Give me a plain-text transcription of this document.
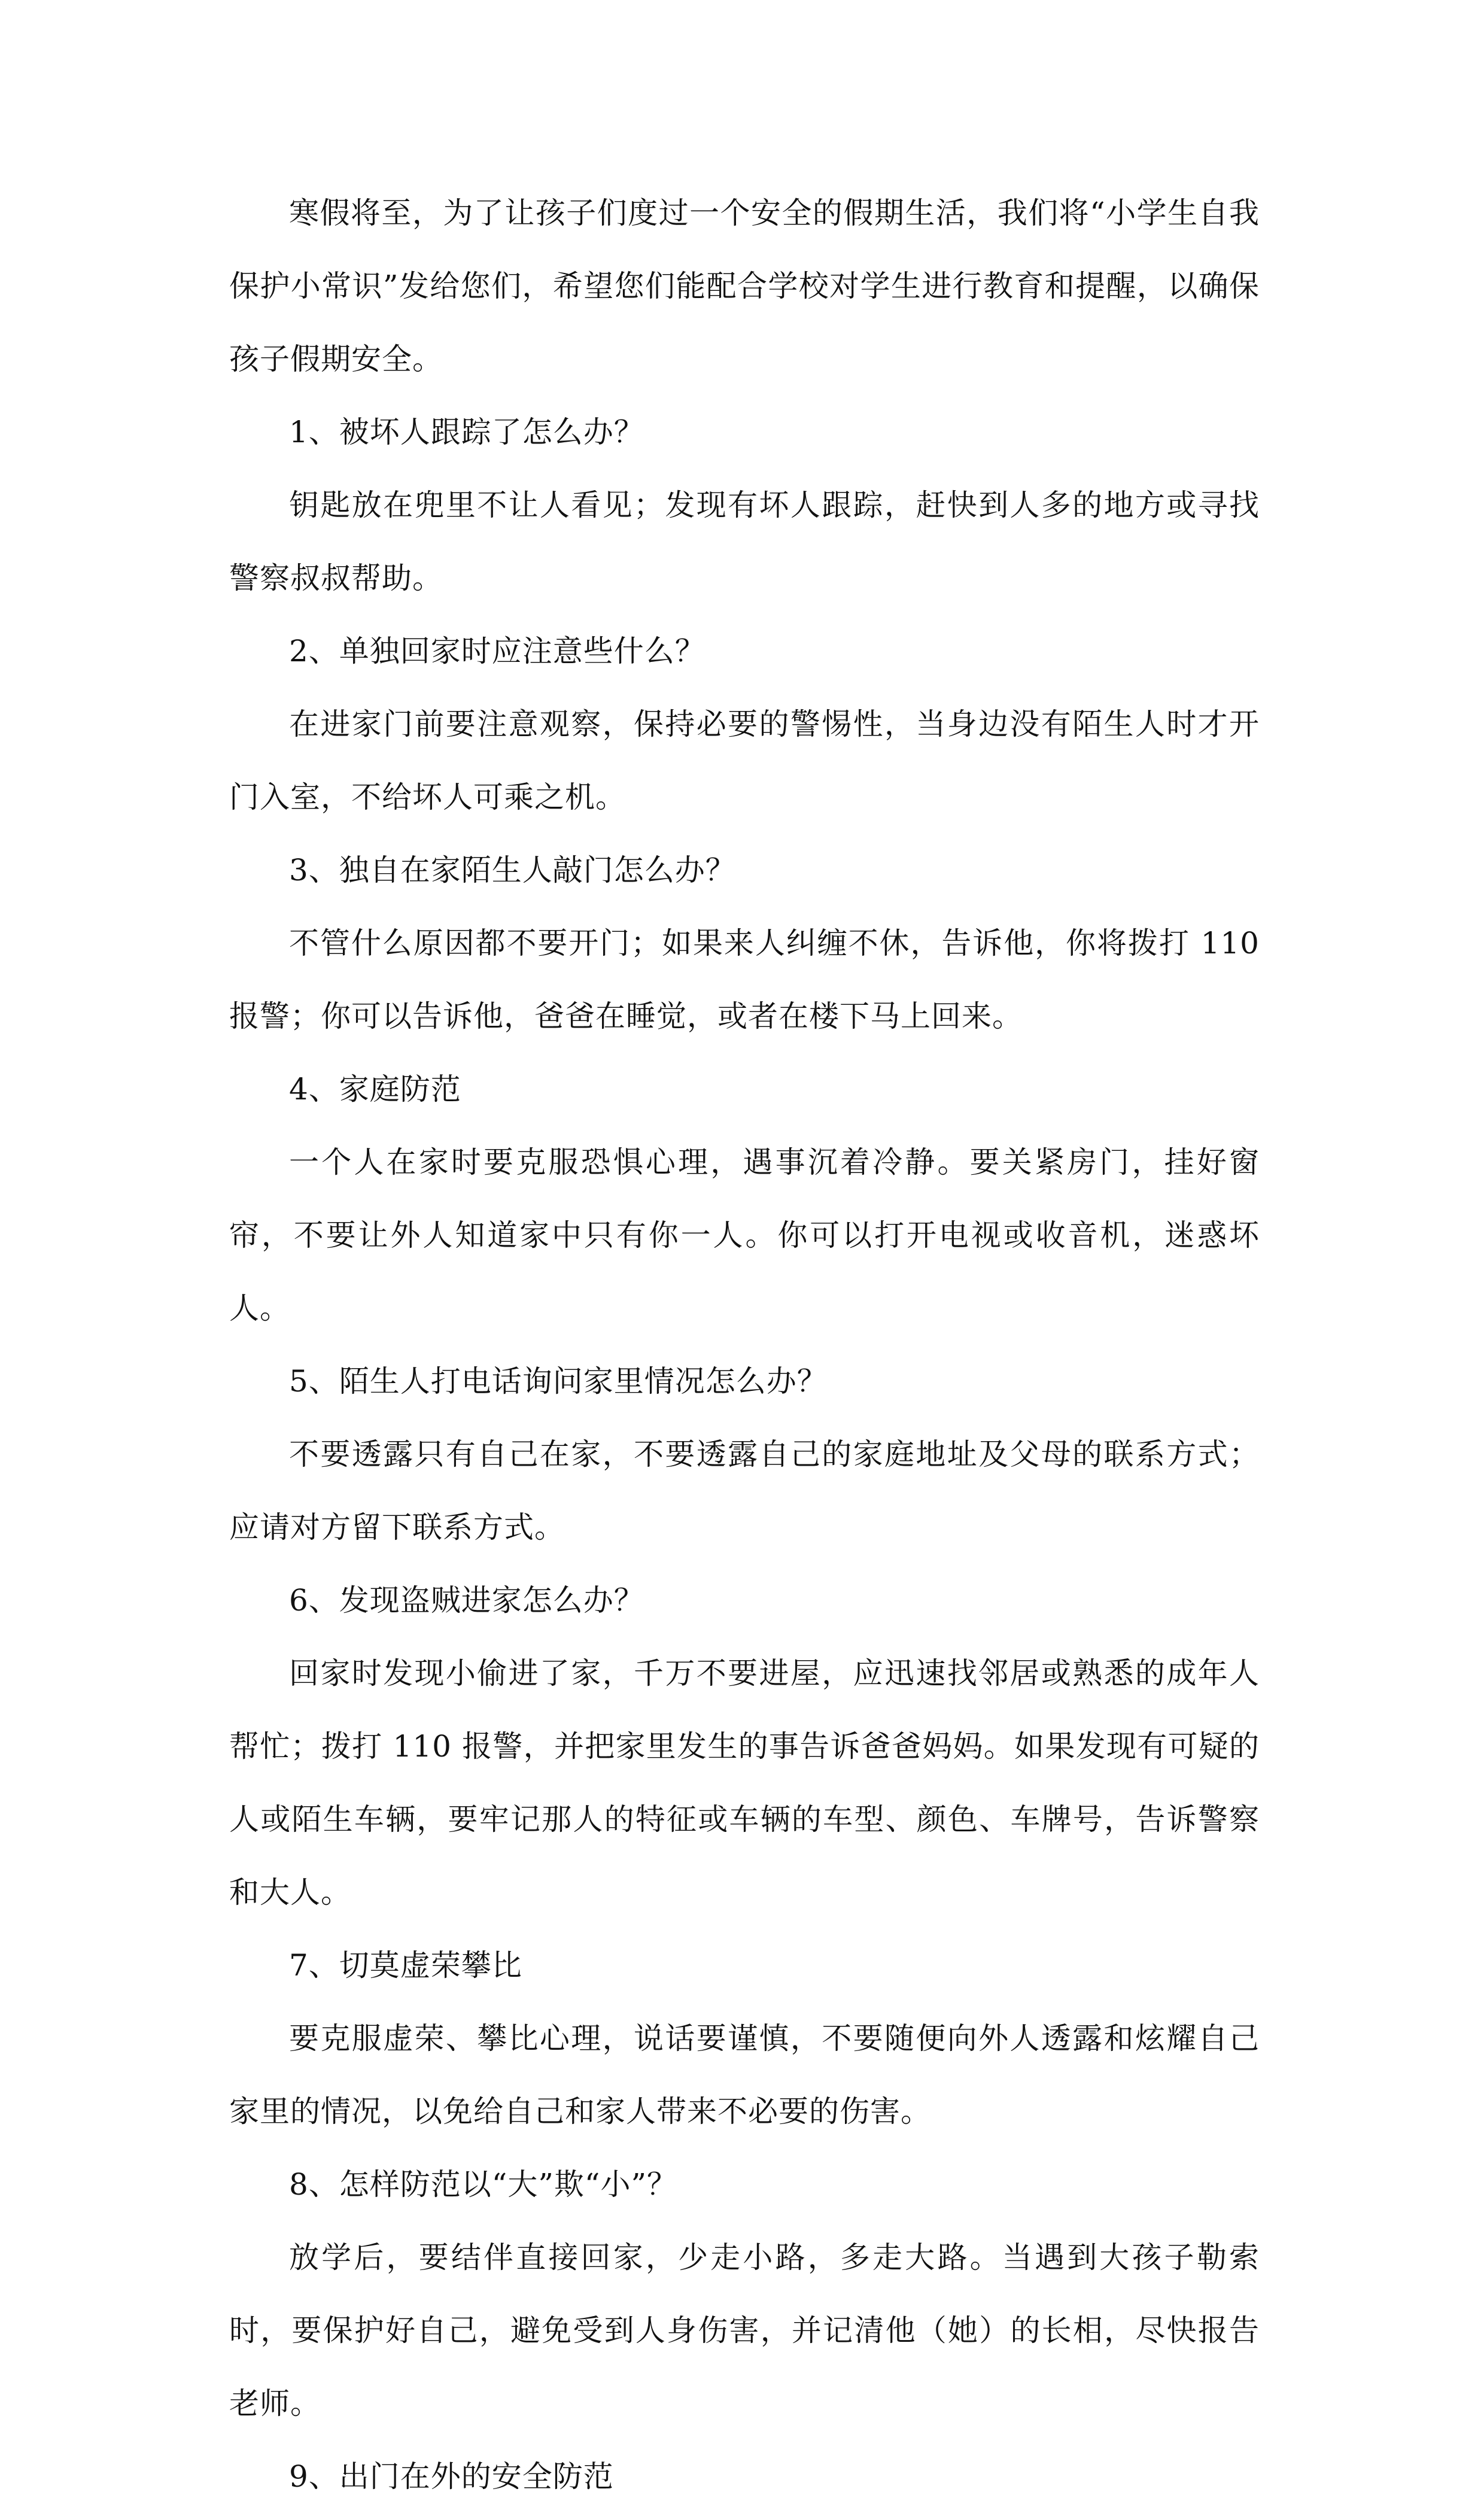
寒假将至，为了让孩子们度过一个安全的假期生活，我们将“小学生自我保护小常识”发给您们，希望您们能配合学校对学生进行教育和提醒，以确保孩子假期安全。

1、被坏人跟踪了怎么办？

钥匙放在兜里不让人看见；发现有坏人跟踪，赶快到人多的地方或寻找警察叔叔帮助。

2、单独回家时应注意些什么？

在进家门前要注意观察，保持必要的警惕性，当身边没有陌生人时才开门入室，不给坏人可乘之机。

3、独自在家陌生人敲门怎么办？

不管什么原因都不要开门；如果来人纠缠不休，告诉他，你将拨打 110 报警；你可以告诉他，爸爸在睡觉，或者在楼下马上回来。

4、家庭防范

一个人在家时要克服恐惧心理，遇事沉着冷静。要关紧房门，挂好窗帘，不要让外人知道家中只有你一人。你可以打开电视或收音机，迷惑坏人。

5、陌生人打电话询问家里情况怎么办？

不要透露只有自己在家，不要透露自己的家庭地址及父母的联系方式；应请对方留下联系方式。

6、发现盗贼进家怎么办？

回家时发现小偷进了家，千万不要进屋，应迅速找邻居或熟悉的成年人帮忙；拨打 110 报警，并把家里发生的事告诉爸爸妈妈。如果发现有可疑的人或陌生车辆，要牢记那人的特征或车辆的车型、颜色、车牌号，告诉警察和大人。

7、切莫虚荣攀比

要克服虚荣、攀比心理，说话要谨慎，不要随便向外人透露和炫耀自己家里的情况，以免给自己和家人带来不必要的伤害。

8、怎样防范以“大”欺“小”？

放学后，要结伴直接回家，少走小路，多走大路。当遇到大孩子勒索时，要保护好自己，避免受到人身伤害，并记清他（她）的长相，尽快报告老师。

9、出门在外的安全防范
